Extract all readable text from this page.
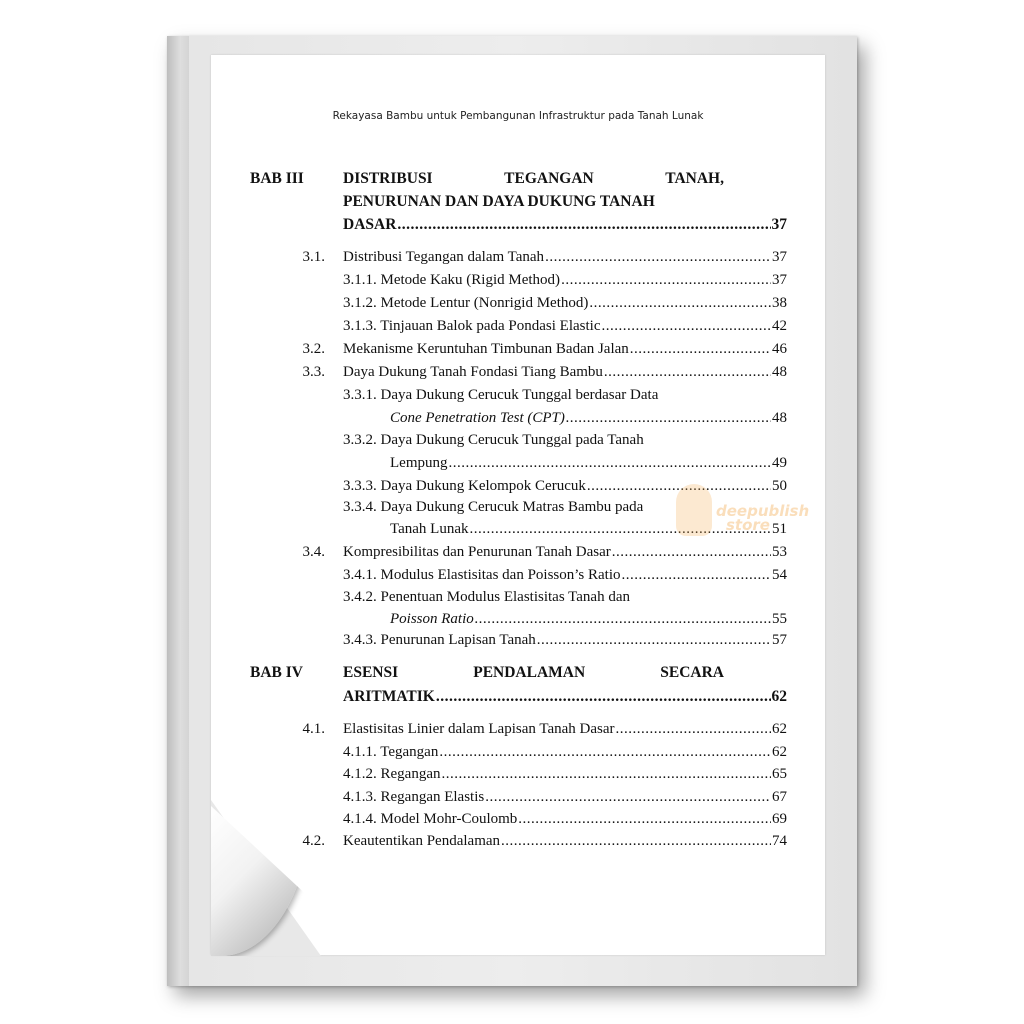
Rekayasa Bambu untuk Pembangunan Infrastruktur pada Tanah Lunak
BAB III	DISTRIBUSI	TEGANGAN	TANAH,
PENURUNAN DAN DAYA DUKUNG TANAH
DASAR .....	37
3.1. Distribusi Tegangan dalam Tanah .....	37
3.1.1. Metode Kaku (Rigid Method) .....	37
3.1.2. Metode Lentur (Nonrigid Method) .....	38
3.1.3. Tinjauan Balok pada Pondasi Elastic .....	42
3.2. Mekanisme Keruntuhan Timbunan Badan Jalan .....	46
3.3. Daya Dukung Tanah Fondasi Tiang Bambu .....	48
3.3.1. Daya Dukung Cerucuk Tunggal berdasar Data
Cone Penetration Test (CPT) .....	48
3.3.2. Daya Dukung Cerucuk Tunggal pada Tanah
Lempung .....	49
3.3.3. Daya Dukung Kelompok Cerucuk .....	50
3.3.4. Daya Dukung Cerucuk Matras Bambu pada
Tanah Lunak .....	51
3.4. Kompresibilitas dan Penurunan Tanah Dasar .....	53
3.4.1. Modulus Elastisitas dan Poisson’s Ratio .....	54
3.4.2. Penentuan Modulus Elastisitas Tanah dan
Poisson Ratio .....	55
3.4.3. Penurunan Lapisan Tanah .....	57
BAB IV	ESENSI	PENDALAMAN	SECARA
ARITMATIK .....	62
4.1. Elastisitas Linier dalam Lapisan Tanah Dasar .....	62
4.1.1. Tegangan .....	62
4.1.2. Regangan .....	65
4.1.3. Regangan Elastis .....	67
4.1.4. Model Mohr-Coulomb .....	69
4.2. Keautentikan Pendalaman .....	74
deepublish
store
